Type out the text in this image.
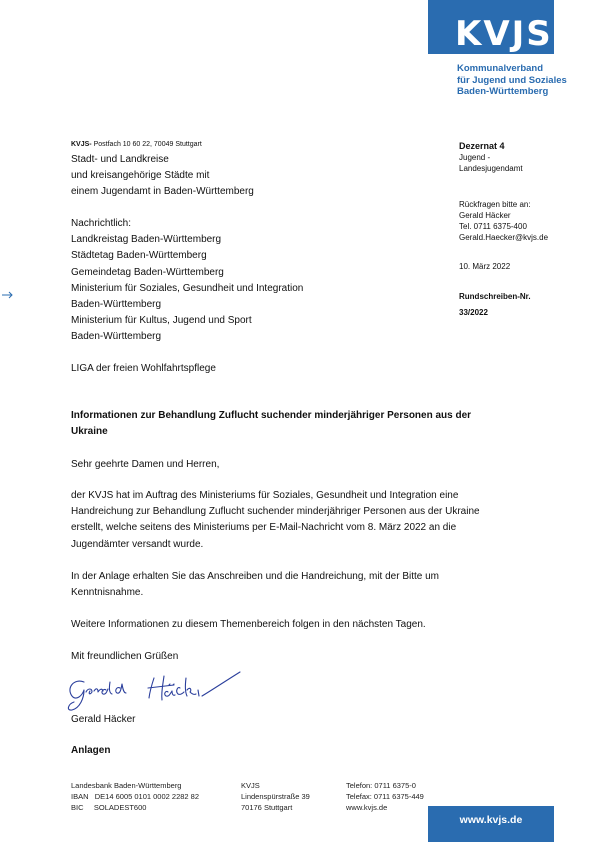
KVJS
Kommunalverband
für Jugend und Soziales
Baden-Württemberg
KVJS- Postfach 10 60 22, 70049 Stuttgart
Stadt- und Landkreise
und kreisangehörige Städte mit
einem Jugendamt in Baden-Württemberg
Nachrichtlich:
Landkreistag Baden-Württemberg
Städtetag Baden-Württemberg
Gemeindetag Baden-Württemberg
Ministerium für Soziales, Gesundheit und Integration
Baden-Württemberg
Ministerium für Kultus, Jugend und Sport
Baden-Württemberg
LIGA der freien Wohlfahrtspflege
Dezernat 4
Jugend -
Landesjugendamt
Rückfragen bitte an:
Gerald Häcker
Tel. 0711 6375-400
Gerald.Haecker@kvjs.de
10. März 2022
Rundschreiben-Nr.
33/2022
Informationen zur Behandlung Zuflucht suchender minderjähriger Personen aus der
Ukraine
Sehr geehrte Damen und Herren,
der KVJS hat im Auftrag des Ministeriums für Soziales, Gesundheit und Integration eine
Handreichung zur Behandlung Zuflucht suchender minderjähriger Personen aus der Ukraine
erstellt, welche seitens des Ministeriums per E-Mail-Nachricht vom 8. März 2022 an die
Jugendämter versandt wurde.
In der Anlage erhalten Sie das Anschreiben und die Handreichung, mit der Bitte um
Kenntnisnahme.
Weitere Informationen zu diesem Themenbereich folgen in den nächsten Tagen.
Mit freundlichen Grüßen
Gerald Häcker
Anlagen
Landesbank Baden-Württemberg
IBAN   DE14 6005 0101 0002 2282 82
BIC     SOLADEST600
KVJS
Lindenspürstraße 39
70176 Stuttgart
Telefon: 0711 6375-0
Telefax: 0711 6375-449
www.kvjs.de
www.kvjs.de
